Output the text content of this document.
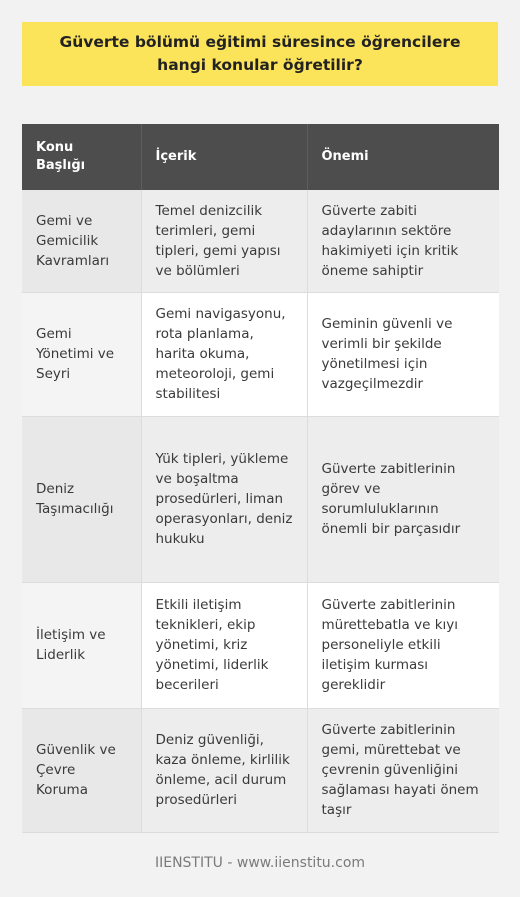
Güverte bölümü eğitimi süresince öğrencilere hangi konular öğretilir?
Konu Başlığı	İçerik	Önemi
Gemi ve Gemicilik Kavramları	Temel denizcilik terimleri, gemi tipleri, gemi yapısı ve bölümleri	Güverte zabiti adaylarının sektöre hakimiyeti için kritik öneme sahiptir
Gemi Yönetimi ve Seyri	Gemi navigasyonu, rota planlama, harita okuma, meteoroloji, gemi stabilitesi	Geminin güvenli ve verimli bir şekilde yönetilmesi için vazgeçilmezdir
Deniz Taşımacılığı	Yük tipleri, yükleme ve boşaltma prosedürleri, liman operasyonları, deniz hukuku	Güverte zabitlerinin görev ve sorumluluklarının önemli bir parçasıdır
İletişim ve Liderlik	Etkili iletişim teknikleri, ekip yönetimi, kriz yönetimi, liderlik becerileri	Güverte zabitlerinin mürettebatla ve kıyı personeliyle etkili iletişim kurması gereklidir
Güvenlik ve Çevre Koruma	Deniz güvenliği, kaza önleme, kirlilik önleme, acil durum prosedürleri	Güverte zabitlerinin gemi, mürettebat ve çevrenin güvenliğini sağlaması hayati önem taşır
IIENSTITU - www.iienstitu.com
